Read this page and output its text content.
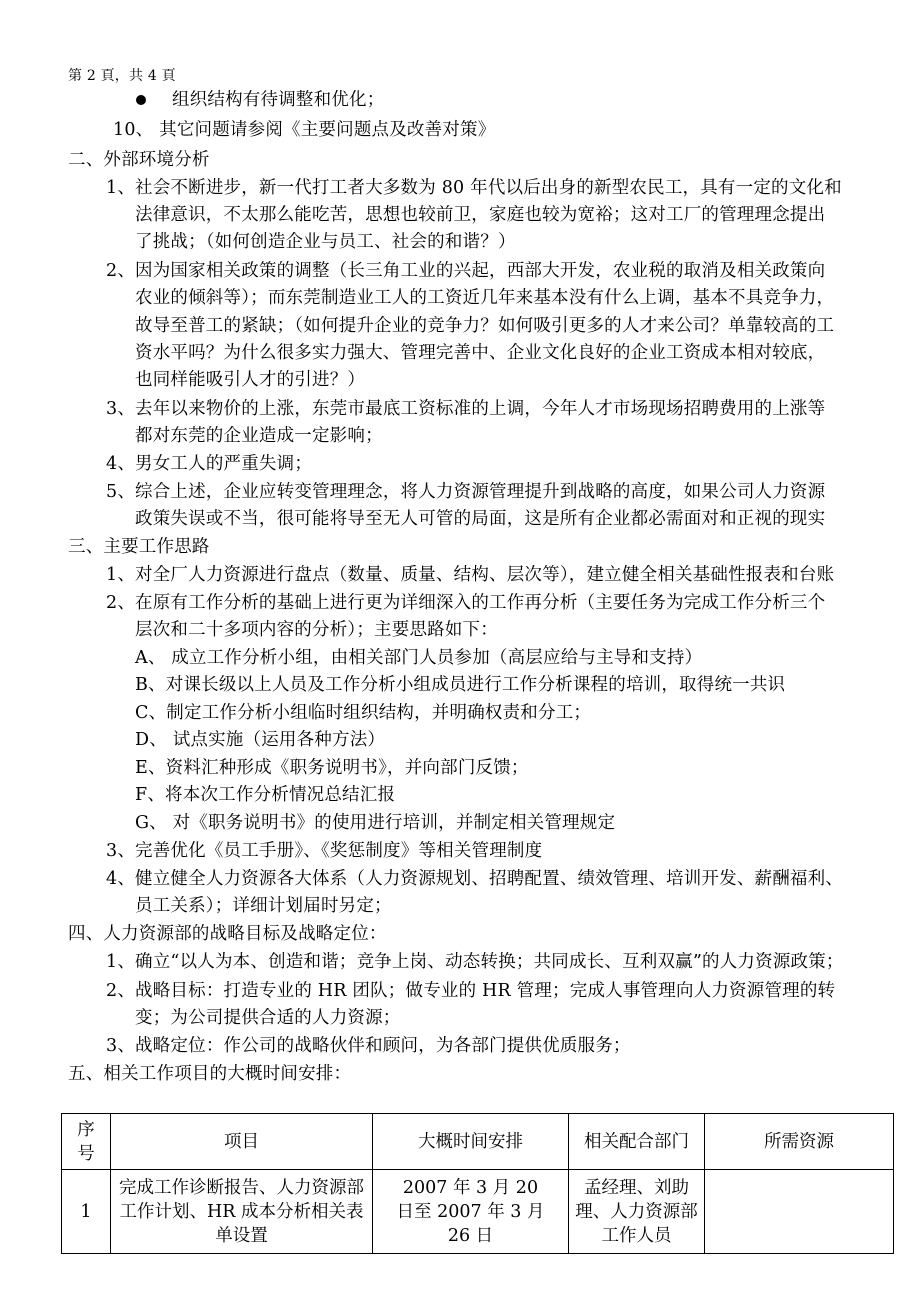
第 2 頁，共 4 頁
组织结构有待调整和优化；
10、 其它问题请参阅《主要问题点及改善对策》
二、外部环境分析
1、社会不断进步，新一代打工者大多数为 80 年代以后出身的新型农民工，具有一定的文化和
法律意识，不太那么能吃苦，思想也较前卫，家庭也较为宽裕；这对工厂的管理理念提出
了挑战；（如何创造企业与员工、社会的和谐？）
2、因为国家相关政策的调整（长三角工业的兴起，西部大开发，农业税的取消及相关政策向
农业的倾斜等）；而东莞制造业工人的工资近几年来基本没有什么上调，基本不具竞争力，
故导至普工的紧缺；（如何提升企业的竞争力？如何吸引更多的人才来公司？单靠较高的工
资水平吗？为什么很多实力强大、管理完善中、企业文化良好的企业工资成本相对较底，
也同样能吸引人才的引进？）
3、去年以来物价的上涨，东莞市最底工资标准的上调，今年人才市场现场招聘费用的上涨等
都对东莞的企业造成一定影响；
4、男女工人的严重失调；
5、综合上述，企业应转变管理理念，将人力资源管理提升到战略的高度，如果公司人力资源
政策失误或不当，很可能将导至无人可管的局面，这是所有企业都必需面对和正视的现实
三、主要工作思路
1、对全厂人力资源进行盘点（数量、质量、结构、层次等），建立健全相关基础性报表和台账
2、在原有工作分析的基础上进行更为详细深入的工作再分析（主要任务为完成工作分析三个
层次和二十多项内容的分析）；主要思路如下：
A、 成立工作分析小组，由相关部门人员参加（高层应给与主导和支持）
B、对课长级以上人员及工作分析小组成员进行工作分析课程的培训，取得统一共识
C、制定工作分析小组临时组织结构，并明确权责和分工；
D、 试点实施（运用各种方法）
E、资料汇种形成《职务说明书》，并向部门反馈；
F、将本次工作分析情况总结汇报
G、 对《职务说明书》的使用进行培训，并制定相关管理规定
3、完善优化《员工手册》、《奖惩制度》等相关管理制度
4、健立健全人力资源各大体系（人力资源规划、招聘配置、绩效管理、培训开发、薪酬福利、
员工关系）；详细计划届时另定；
四、人力资源部的战略目标及战略定位：
1、确立“以人为本、创造和谐；竞争上岗、动态转换；共同成长、互利双赢”的人力资源政策；
2、战略目标：打造专业的 HR 团队；做专业的 HR 管理；完成人事管理向人力资源管理的转
变；为公司提供合适的人力资源；
3、战略定位：作公司的战略伙伴和顾问，为各部门提供优质服务；
五、相关工作项目的大概时间安排：
序号	项目	大概时间安排	相关配合部门	所需资源
1	完成工作诊断报告、人力资源部工作计划、HR 成本分析相关表单设置	2007 年 3 月 20 日至 2007 年 3 月 26 日	孟经理、刘助理、人力资源部工作人员	
